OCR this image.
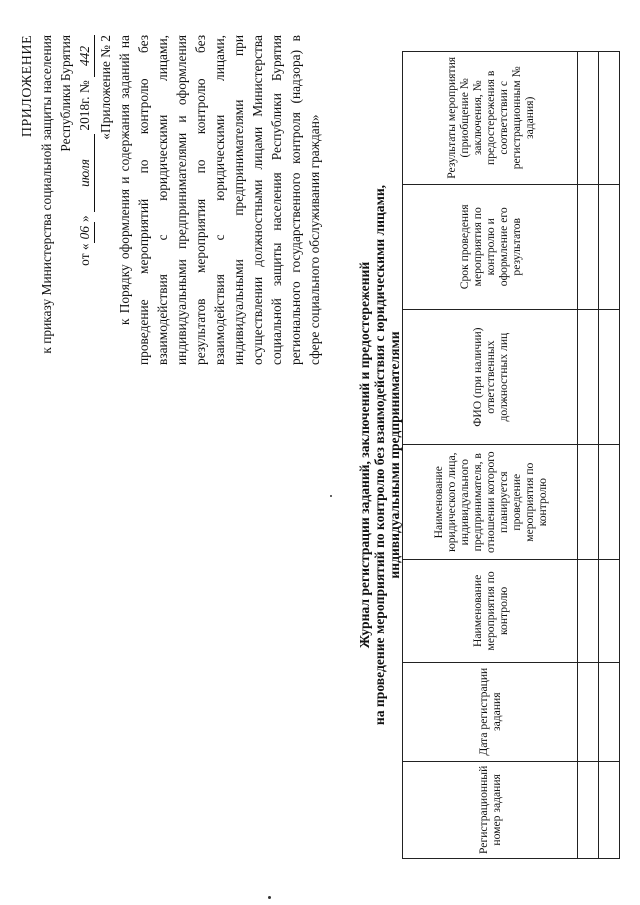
ПРИЛОЖЕНИЕ к приказу Министерства социальной защиты населения Республики Бурятия
от «06» июля 2018г. № 442 «Приложение № 2 к Порядку оформления и содержания заданий на проведение мероприятий по контролю без взаимодействия с юридическими лицами, индивидуальными предпринимателями и оформления результатов мероприятия по контролю без взаимодействия с юридическими лицами, индивидуальными предпринимателями при осуществлении должностными лицами Министерства социальной защиты населения Республики Бурятия регионального государственного контроля (надзора) в сфере социального обслуживания граждан»
Журнал регистрации заданий, заключений и предостережений на проведение мероприятий по контролю без взаимодействия с юридическими лицами, индивидуальными предпринимателями
Регистрационный номер задания	Дата регистрации задания	Наименование мероприятия по контролю	Наименование юридического лица, индивидуального предпринимателя, в отношении которого планируется проведение мероприятия по контролю	ФИО (при наличии) ответственных должностных лиц	Срок проведения мероприятия по контролю и оформление его результатов	Результаты мероприятия (приобщение № заключения, № предостережения в соответствии с регистрационным № задания)
